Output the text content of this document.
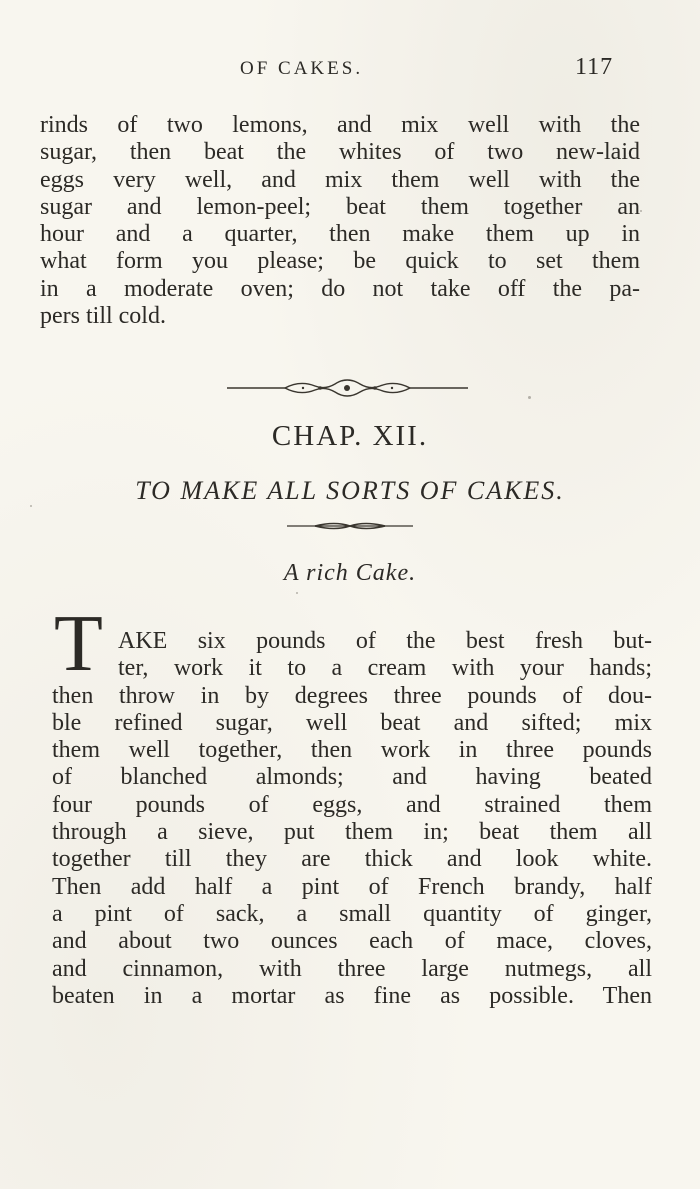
OF CAKES.	117
rinds of two lemons, and mix well with the
sugar, then beat the whites of two new-laid
eggs very well, and mix them well with the
sugar and lemon-peel; beat them together an
hour and a quarter, then make them up in
what form you please; be quick to set them
in a moderate oven; do not take off the pa-
pers till cold.
CHAP. XII.
TO MAKE ALL SORTS OF CAKES.
A rich Cake.
T AKE six pounds of the best fresh but-
ter, work it to a cream with your hands;
then throw in by degrees three pounds of dou-
ble refined sugar, well beat and sifted; mix
them well together, then work in three pounds
of blanched almonds; and having beated
four pounds of eggs, and strained them
through a sieve, put them in; beat them all
together till they are thick and look white.
Then add half a pint of French brandy, half
a pint of sack, a small quantity of ginger,
and about two ounces each of mace, cloves,
and cinnamon, with three large nutmegs, all
beaten in a mortar as fine as possible. Then
